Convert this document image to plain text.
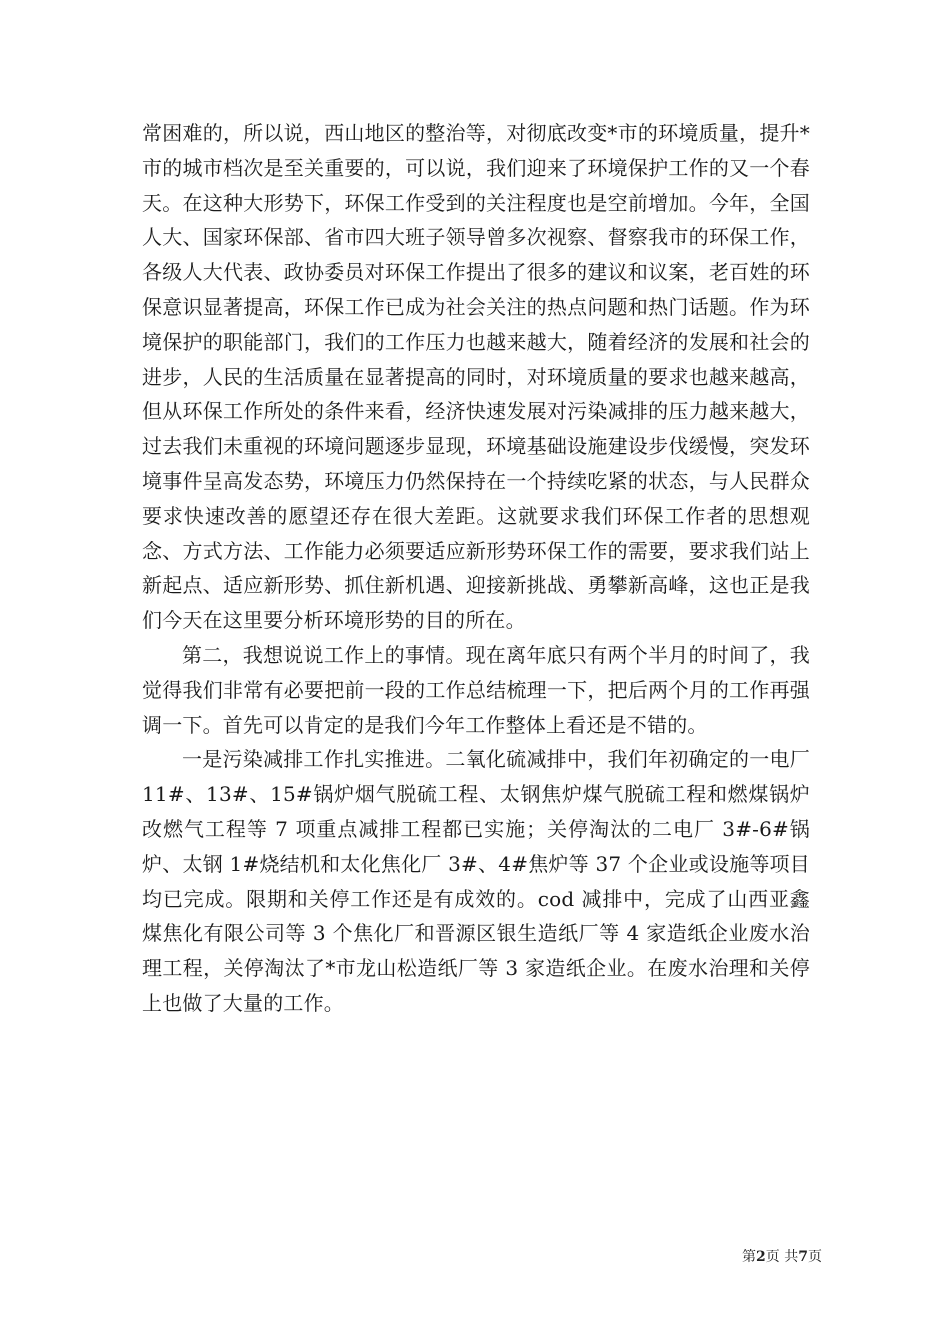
常困难的，所以说，西山地区的整治等，对彻底改变*市的环境质量，提升*市的城市档次是至关重要的，可以说，我们迎来了环境保护工作的又一个春天。在这种大形势下，环保工作受到的关注程度也是空前增加。今年，全国人大、国家环保部、省市四大班子领导曾多次视察、督察我市的环保工作，各级人大代表、政协委员对环保工作提出了很多的建议和议案，老百姓的环保意识显著提高，环保工作已成为社会关注的热点问题和热门话题。作为环境保护的职能部门，我们的工作压力也越来越大，随着经济的发展和社会的进步，人民的生活质量在显著提高的同时，对环境质量的要求也越来越高，但从环保工作所处的条件来看，经济快速发展对污染减排的压力越来越大，过去我们未重视的环境问题逐步显现，环境基础设施建设步伐缓慢，突发环境事件呈高发态势，环境压力仍然保持在一个持续吃紧的状态，与人民群众要求快速改善的愿望还存在很大差距。这就要求我们环保工作者的思想观念、方式方法、工作能力必须要适应新形势环保工作的需要，要求我们站上新起点、适应新形势、抓住新机遇、迎接新挑战、勇攀新高峰，这也正是我们今天在这里要分析环境形势的目的所在。

第二，我想说说工作上的事情。现在离年底只有两个半月的时间了，我觉得我们非常有必要把前一段的工作总结梳理一下，把后两个月的工作再强调一下。首先可以肯定的是我们今年工作整体上看还是不错的。

一是污染减排工作扎实推进。二氧化硫减排中，我们年初确定的一电厂 11#、13#、15#锅炉烟气脱硫工程、太钢焦炉煤气脱硫工程和燃煤锅炉改燃气工程等 7 项重点减排工程都已实施；关停淘汰的二电厂 3#-6#锅炉、太钢 1#烧结机和太化焦化厂 3#、4#焦炉等 37 个企业或设施等项目均已完成。限期和关停工作还是有成效的。cod 减排中，完成了山西亚鑫煤焦化有限公司等 3 个焦化厂和晋源区银生造纸厂等 4 家造纸企业废水治理工程，关停淘汰了*市龙山松造纸厂等 3 家造纸企业。在废水治理和关停上也做了大量的工作。

第2页 共7页
